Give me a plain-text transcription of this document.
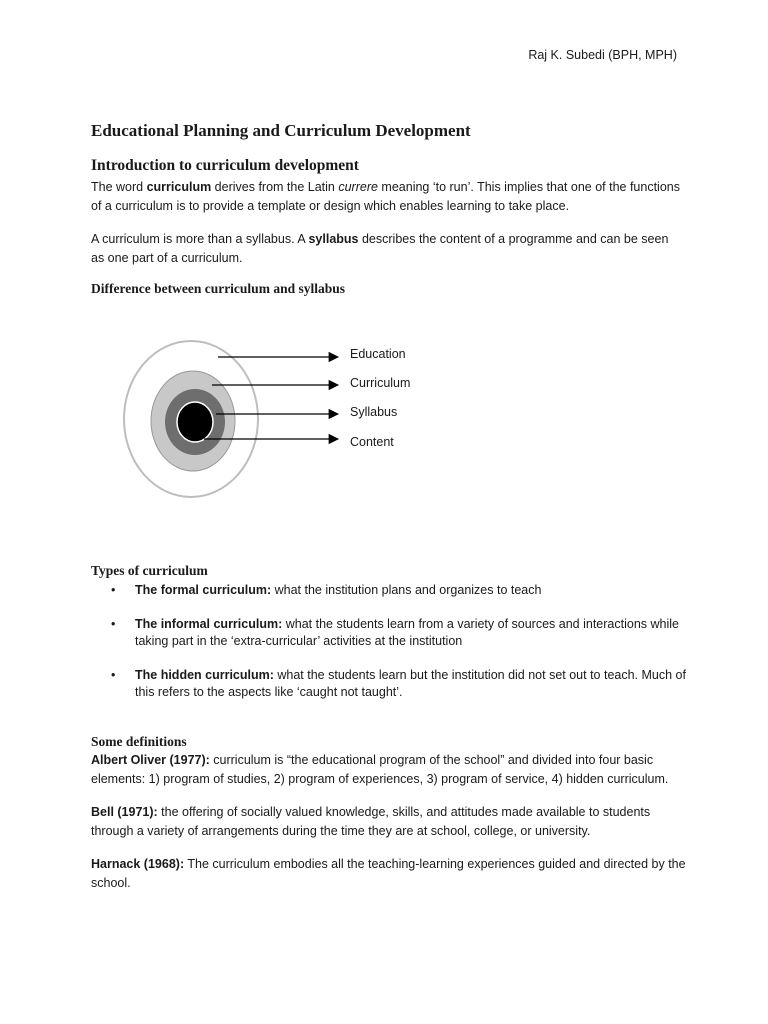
Raj K. Subedi (BPH, MPH)
Educational Planning and Curriculum Development
Introduction to curriculum development
The word curriculum derives from the Latin currere meaning ‘to run’. This implies that one of the functions of a curriculum is to provide a template or design which enables learning to take place.
A curriculum is more than a syllabus. A syllabus describes the content of a programme and can be seen as one part of a curriculum.
Difference between curriculum and syllabus
Education
Curriculum
Syllabus
Content
Types of curriculum
• The formal curriculum: what the institution plans and organizes to teach
• The informal curriculum: what the students learn from a variety of sources and interactions while taking part in the ‘extra-curricular’ activities at the institution
• The hidden curriculum: what the students learn but the institution did not set out to teach. Much of this refers to the aspects like ‘caught not taught’.
Some definitions
Albert Oliver (1977): curriculum is “the educational program of the school” and divided into four basic elements: 1) program of studies, 2) program of experiences, 3) program of service, 4) hidden curriculum.
Bell (1971): the offering of socially valued knowledge, skills, and attitudes made available to students through a variety of arrangements during the time they are at school, college, or university.
Harnack (1968): The curriculum embodies all the teaching-learning experiences guided and directed by the school.
